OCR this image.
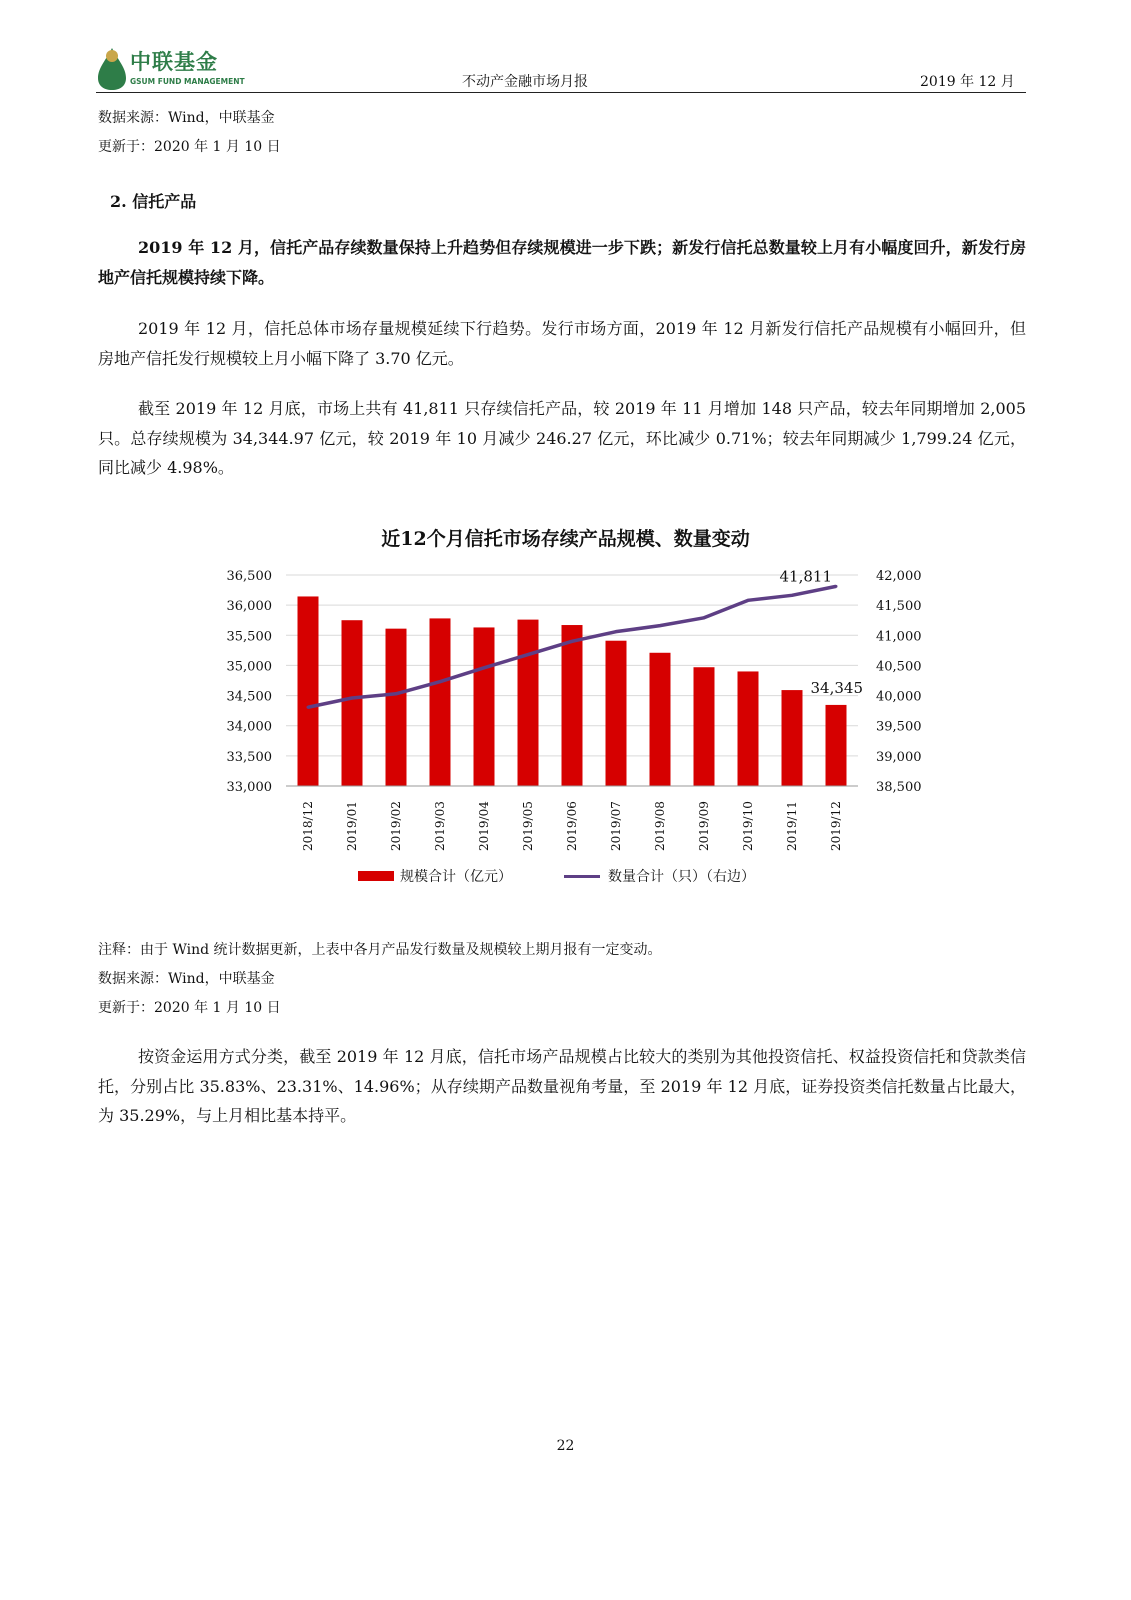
中联基金
GSUM FUND MANAGEMENT	不动产金融市场月报	2019 年 12 月
数据来源：Wind，中联基金
更新于：2020 年 1 月 10 日
2. 信托产品

2019 年 12 月，信托产品存续数量保持上升趋势但存续规模进一步下跌；新发行信托总数量较上月有小幅度回升，新发行房地产信托规模持续下降。

2019 年 12 月，信托总体市场存量规模延续下行趋势。发行市场方面，2019 年 12 月新发行信托产品规模有小幅回升，但房地产信托发行规模较上月小幅下降了 3.70 亿元。

截至 2019 年 12 月底，市场上共有 41,811 只存续信托产品，较 2019 年 11 月增加 148 只产品，较去年同期增加 2,005 只。总存续规模为 34,344.97 亿元，较 2019 年 10 月减少 246.27 亿元，环比减少 0.71%；较去年同期减少 1,799.24 亿元，同比减少 4.98%。

近12个月信托市场存续产品规模、数量变动
33,000
33,500
34,000
34,500
35,000
35,500
36,000
36,500
38,500
39,000
39,500
40,000
40,500
41,000
41,500
42,000
2018/12	2019/01	2019/02	2019/03	2019/04	2019/05	2019/06	2019/07	2019/08	2019/09	2019/10	2019/11	2019/12
41,811
34,345
规模合计（亿元）	数量合计（只）（右边）
注释：由于 Wind 统计数据更新，上表中各月产品发行数量及规模较上期月报有一定变动。
数据来源：Wind，中联基金
更新于：2020 年 1 月 10 日

按资金运用方式分类，截至 2019 年 12 月底，信托市场产品规模占比较大的类别为其他投资信托、权益投资信托和贷款类信托，分别占比 35.83%、23.31%、14.96%；从存续期产品数量视角考量，至 2019 年 12 月底，证券投资类信托数量占比最大，为 35.29%，与上月相比基本持平。

22
